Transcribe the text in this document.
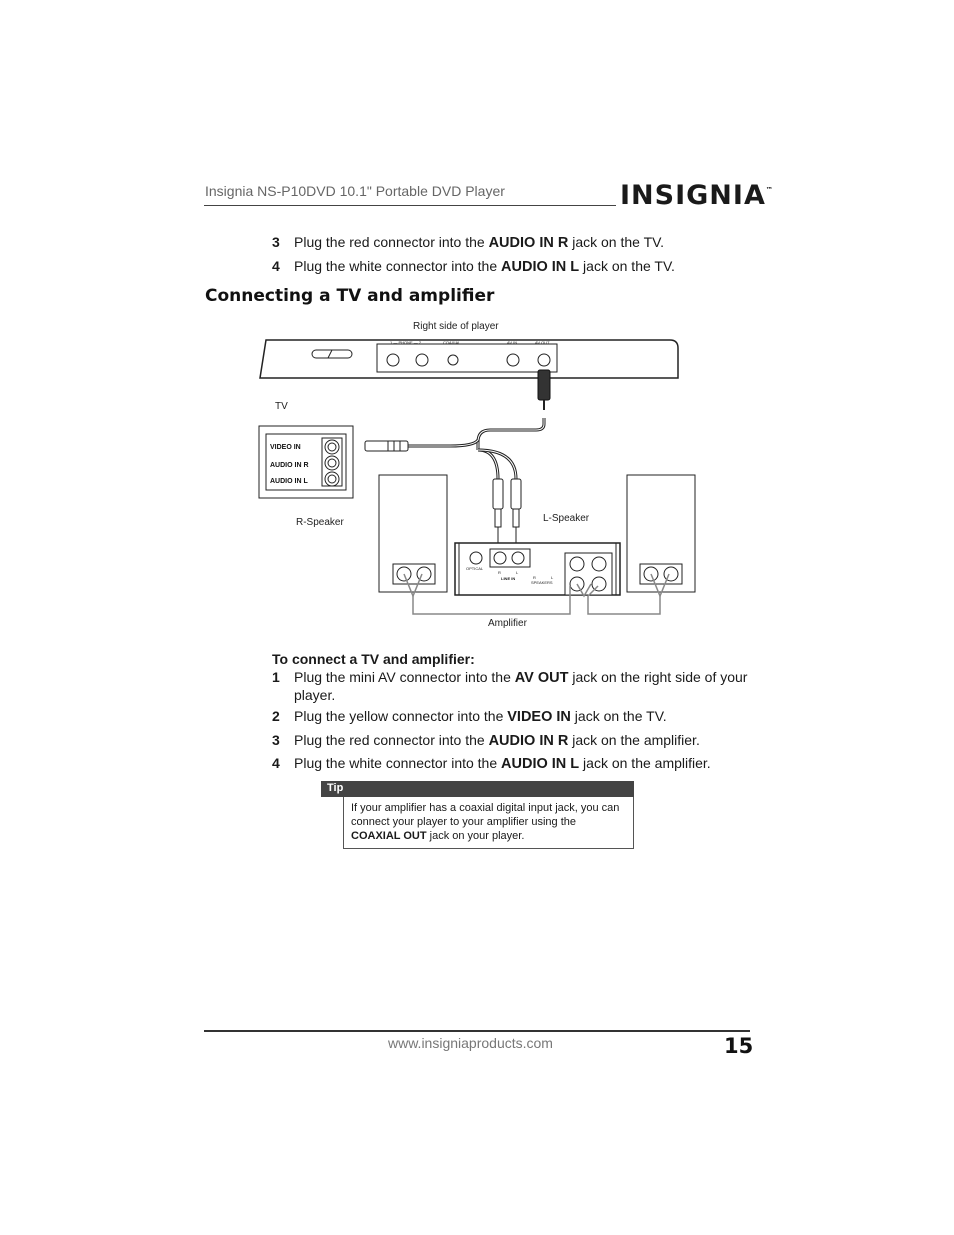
Insignia NS-P10DVD 10.1" Portable DVD Player	INSIGNIA™
3 Plug the red connector into the AUDIO IN R jack on the TV.
4 Plug the white connector into the AUDIO IN L jack on the TV.
Connecting a TV and amplifier
Right side of player
1 — PHONE — 2	COAXIAL	AV IN	AV OUT
TV
VIDEO IN
AUDIO IN R
AUDIO IN L
R-Speaker	L-Speaker
OPTICAL
R	L
LINE IN	R	L
SPEAKERS
Amplifier
To connect a TV and amplifier:
1 Plug the mini AV connector into the AV OUT jack on the right side of your player.
2 Plug the yellow connector into the VIDEO IN jack on the TV.
3 Plug the red connector into the AUDIO IN R jack on the amplifier.
4 Plug the white connector into the AUDIO IN L jack on the amplifier.
Tip
If your amplifier has a coaxial digital input jack, you can connect your player to your amplifier using the COAXIAL OUT jack on your player.
www.insigniaproducts.com	15
